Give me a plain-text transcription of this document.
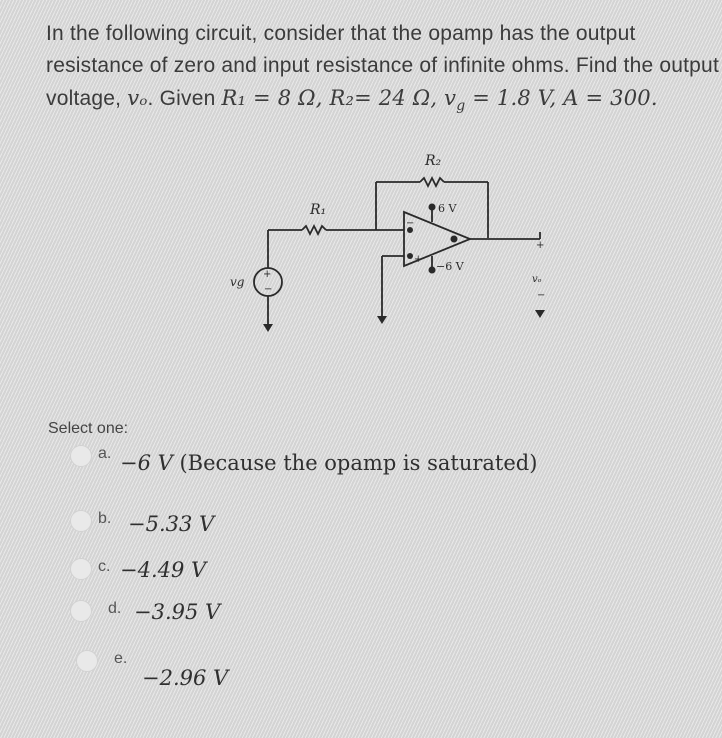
In the following circuit, consider that the opamp has the output
resistance of zero and input resistance of infinite ohms. Find the output
voltage, vₒ. Given R₁ = 8 Ω, R₂= 24 Ω, $v_g = 1.8$ V, A = 300.
R₁
R₂
vg
+
−
6 V
−6 V
−
+
+
vₒ
−
Select one:
a. −6 V (Because the opamp is saturated)
b. −5.33 V
c. −4.49 V
d. −3.95 V
e.
−2.96 V
